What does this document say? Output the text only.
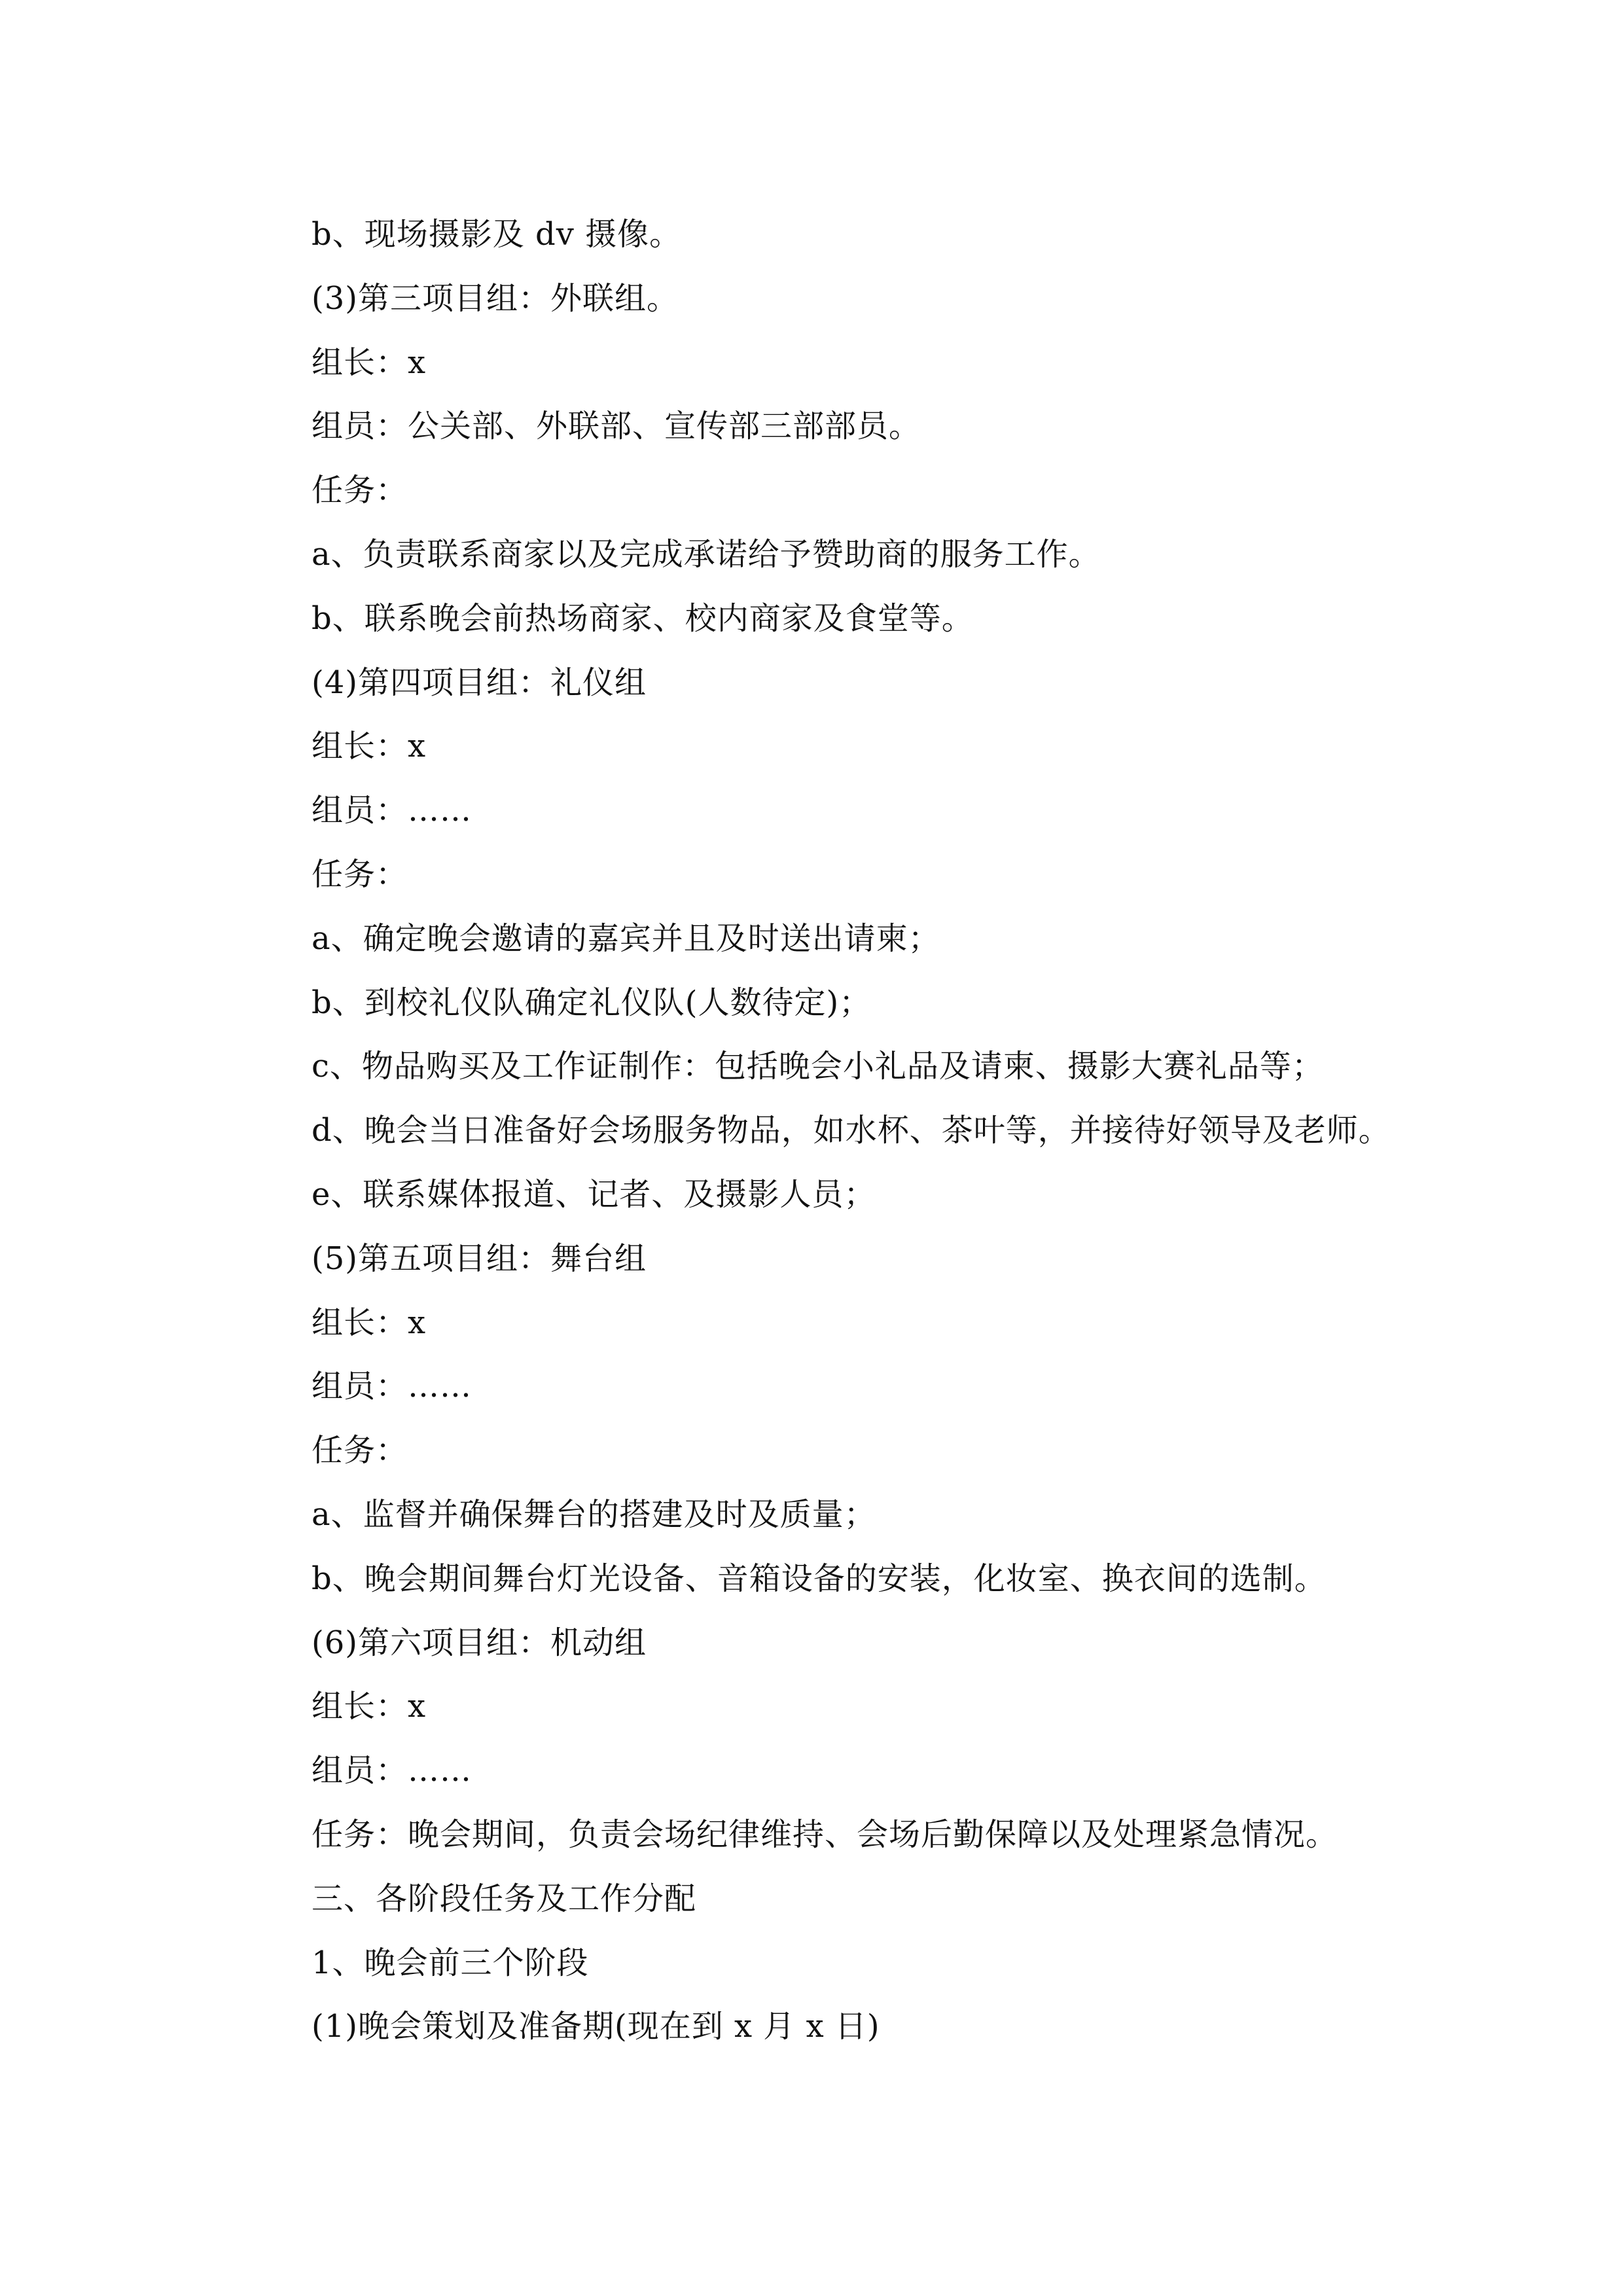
b、现场摄影及 dv 摄像。
(3)第三项目组：外联组。
组长：x
组员：公关部、外联部、宣传部三部部员。
任务：
a、负责联系商家以及完成承诺给予赞助商的服务工作。
b、联系晚会前热场商家、校内商家及食堂等。
(4)第四项目组：礼仪组
组长：x
组员：……
任务：
a、确定晚会邀请的嘉宾并且及时送出请柬；
b、到校礼仪队确定礼仪队(人数待定)；
c、物品购买及工作证制作：包括晚会小礼品及请柬、摄影大赛礼品等；
d、晚会当日准备好会场服务物品，如水杯、茶叶等，并接待好领导及老师。
e、联系媒体报道、记者、及摄影人员；
(5)第五项目组：舞台组
组长：x
组员：……
任务：
a、监督并确保舞台的搭建及时及质量；
b、晚会期间舞台灯光设备、音箱设备的安装，化妆室、换衣间的选制。
(6)第六项目组：机动组
组长：x
组员：……
任务：晚会期间，负责会场纪律维持、会场后勤保障以及处理紧急情况。
三、各阶段任务及工作分配
1、晚会前三个阶段
(1)晚会策划及准备期(现在到 x 月 x 日)
